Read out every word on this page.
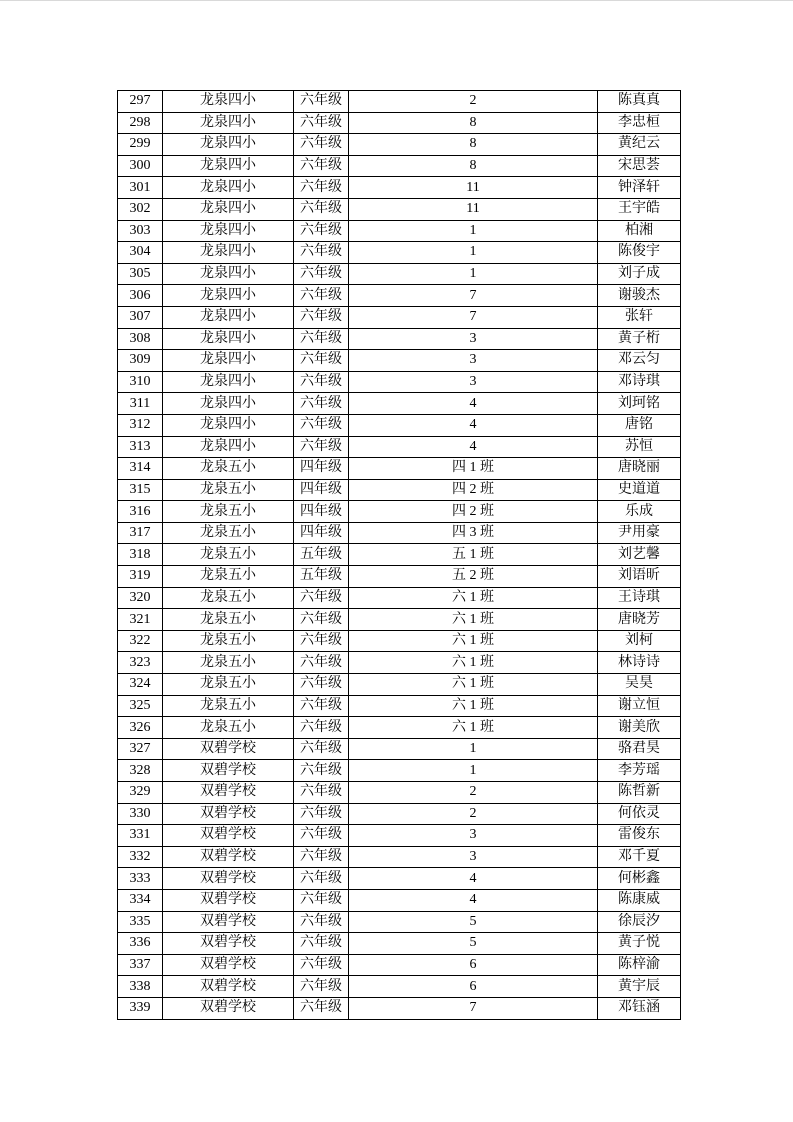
297	龙泉四小	六年级	2	陈真真
298	龙泉四小	六年级	8	李忠桓
299	龙泉四小	六年级	8	黄纪云
300	龙泉四小	六年级	8	宋思荟
301	龙泉四小	六年级	11	钟泽轩
302	龙泉四小	六年级	11	王宇皓
303	龙泉四小	六年级	1	柏湘
304	龙泉四小	六年级	1	陈俊宇
305	龙泉四小	六年级	1	刘子成
306	龙泉四小	六年级	7	谢骏杰
307	龙泉四小	六年级	7	张轩
308	龙泉四小	六年级	3	黄子桁
309	龙泉四小	六年级	3	邓云匀
310	龙泉四小	六年级	3	邓诗琪
311	龙泉四小	六年级	4	刘珂铭
312	龙泉四小	六年级	4	唐铭
313	龙泉四小	六年级	4	苏恒
314	龙泉五小	四年级	四 1 班	唐晓丽
315	龙泉五小	四年级	四 2 班	史道道
316	龙泉五小	四年级	四 2 班	乐成
317	龙泉五小	四年级	四 3 班	尹用豪
318	龙泉五小	五年级	五 1 班	刘艺馨
319	龙泉五小	五年级	五 2 班	刘语昕
320	龙泉五小	六年级	六 1 班	王诗琪
321	龙泉五小	六年级	六 1 班	唐晓芳
322	龙泉五小	六年级	六 1 班	刘柯
323	龙泉五小	六年级	六 1 班	林诗诗
324	龙泉五小	六年级	六 1 班	吴昊
325	龙泉五小	六年级	六 1 班	谢立恒
326	龙泉五小	六年级	六 1 班	谢美欣
327	双碧学校	六年级	1	骆君昊
328	双碧学校	六年级	1	李芳瑶
329	双碧学校	六年级	2	陈哲新
330	双碧学校	六年级	2	何依灵
331	双碧学校	六年级	3	雷俊东
332	双碧学校	六年级	3	邓千夏
333	双碧学校	六年级	4	何彬鑫
334	双碧学校	六年级	4	陈康威
335	双碧学校	六年级	5	徐辰汐
336	双碧学校	六年级	5	黄子悦
337	双碧学校	六年级	6	陈梓渝
338	双碧学校	六年级	6	黄宇辰
339	双碧学校	六年级	7	邓钰涵
